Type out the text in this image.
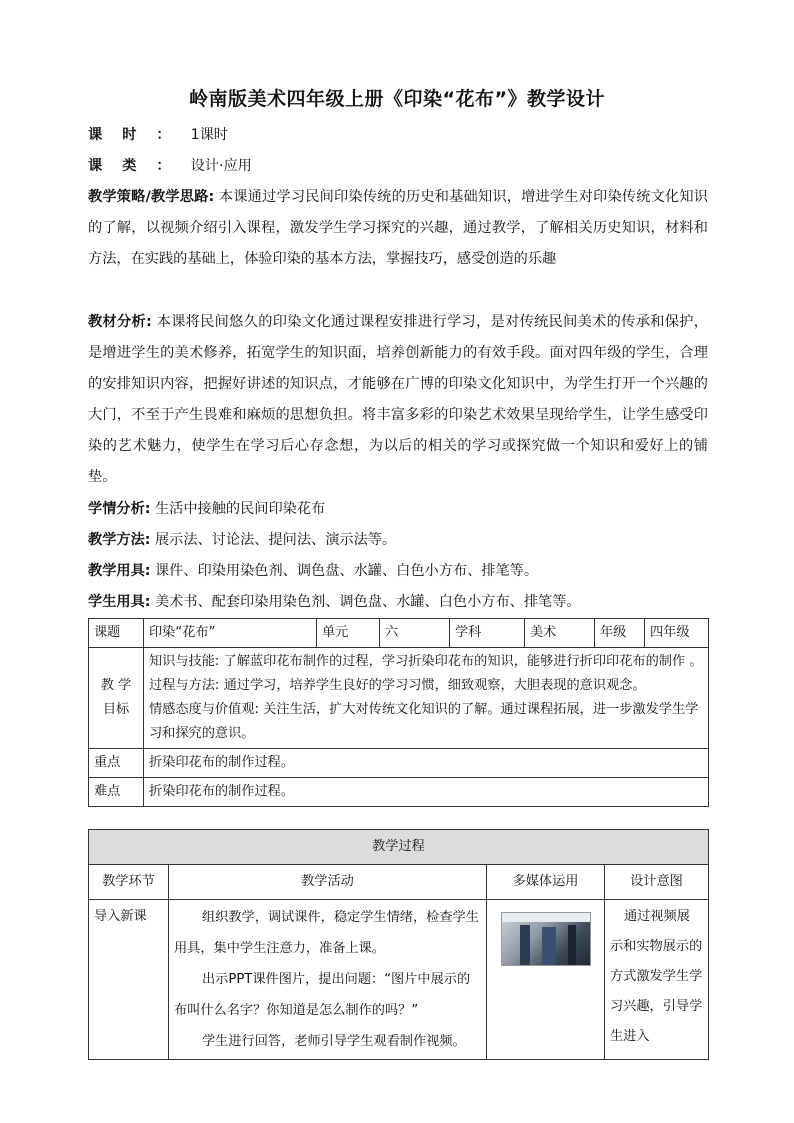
岭南版美术四年级上册《印染“花布”》教学设计

课时：1课时

课类：设计·应用

教学策略/教学思路: 本课通过学习民间印染传统的历史和基础知识，增进学生对印染传统文化知识的了解，以视频介绍引入课程，激发学生学习探究的兴趣，通过教学，了解相关历史知识，材料和方法，在实践的基础上，体验印染的基本方法，掌握技巧，感受创造的乐趣

教材分析: 本课将民间悠久的印染文化通过课程安排进行学习，是对传统民间美术的传承和保护，是增进学生的美术修养，拓宽学生的知识面，培养创新能力的有效手段。面对四年级的学生，合理的安排知识内容，把握好讲述的知识点，才能够在广博的印染文化知识中，为学生打开一个兴趣的大门，不至于产生畏难和麻烦的思想负担。将丰富多彩的印染艺术效果呈现给学生，让学生感受印染的艺术魅力，使学生在学习后心存念想，为以后的相关的学习或探究做一个知识和爱好上的铺垫。

学情分析: 生活中接触的民间印染花布

教学方法: 展示法、讨论法、提问法、演示法等。

教学用具: 课件、印染用染色剂、调色盘、水罐、白色小方布、排笔等。

学生用具: 美术书、配套印染用染色剂、调色盘、水罐、白色小方布、排笔等。

课题	印染“花布”	单元	六	学科	美术	年级	四年级
教 学 目标	知识与技能: 了解蓝印花布制作的过程，学习折染印花布的知识，能够进行折印印花布的制作 。

过程与方法: 通过学习，培养学生良好的学习习惯，细致观察，大胆表现的意识观念。

情感态度与价值观: 关注生活，扩大对传统文化知识的了解。通过课程拓展，进一步激发学生学习和探究的意识。						

重点	折染印花布的制作过程。						
难点	折染印花布的制作过程。						
教学过程			
教学环节	教学活动	多媒体运用	设计意图
导入新课	组织教学，调试课件，稳定学生情绪，检查学生用具，集中学生注意力，准备上课。

出示PPT课件图片，提出问题：“图片中展示的布叫什么名字？你知道是怎么制作的吗？”

学生进行回答，老师引导学生观看制作视频。		通过视频展示和实物展示的方式激发学生学习兴趣，引导学生进入
